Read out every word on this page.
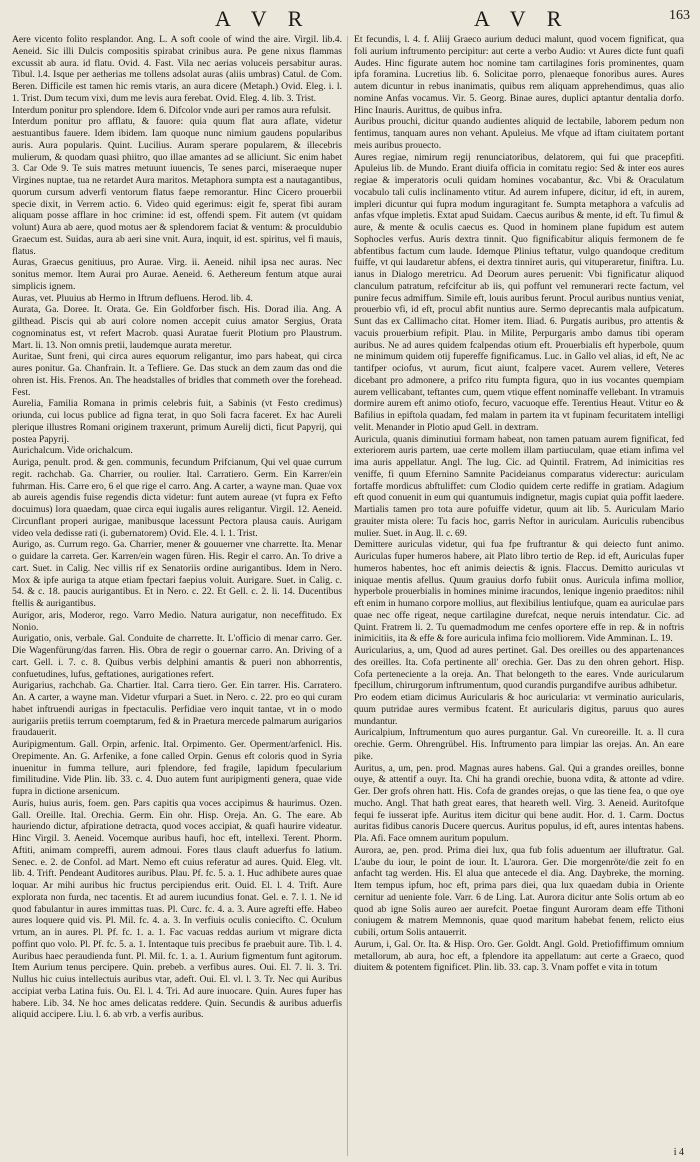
A V R	A V R	163

Aere vicento folito resplandor. Ang. L. A soft coole of wind the aire. Virgil. lib.4. Aeneid. Sic illi Dulcis compositis spirabat crinibus aura. Pe gene nixus flammas excussit ab aura. id flatu. Ovid. 4. Fast. Vila nec aerias voluceis persabitur auras. Tibul. l.4. Isque per aetherias me tollens adsolat auras (aliis umbras) Catul. de Com. Beren. Difficile est tamen hic remis vtaris, an aura dicere (Metaph.) Ovid. Eleg. i. l. 1. Trist. Dum tecum vixi, dum me levis aura ferebat. Ovid. Eleg. 4. lib. 3. Trist.

Interdum ponitur pro splendore. Idem 6. Difcolor vnde auri per ramos aura refulsit.

Interdum ponitur pro afflatu, & fauore: quia quum flat aura aflate, videtur aestuantibus fauere. Idem ibidem. Iam quoque nunc nimium gaudens popularibus auris. Aura popularis. Quint. Lucilius. Auram sperare popularem, & illecebris mulierum, & quodam quasi phiitro, quo illae amantes ad se alliciunt. Sic enim habet 3. Car Ode 9. Te suis matres metuunt iuuencis, Te senes parci, miseraeque nuper Virgines nuptae, tua ne retardet Aura maritos. Metaphora sumpta est a nautagantibus, quorum cursum adverfi ventorum flatus faepe remorantur. Hinc Cicero prouerbii specie dixit, in Verrem actio. 6. Video quid egerimus: eigit fe, sperat fibi auram aliquam posse afflare in hoc crimine: id est, offendi spem. Fit autem (vt quidam volunt) Aura ab aere, quod motus aer & splendorem faciat & ventum: & proculdubio Graecum est. Suidas, aura ab aeri sine vnit. Aura, inquit, id est. spiritus, vel fi mauis, flatus.

Auras, Graecus genitiuus, pro Aurae. Virg. ii. Aeneid. nihil ipsa nec auras. Nec sonitus memor. Item Aurai pro Aurae. Aeneid. 6. Aethereum fentum atque aurai simplicis ignem.

Auras, vet. Pluuius ab Hermo in Iftrum defluens. Herod. lib. 4.

Aurata, Ga. Doree. It. Orata. Ge. Ein Goldforber fisch. His. Dorad ilia. Ang. A gilthead. Piscis qui ab auri colore nomen accepit cuius amator Sergius, Orata cognominatus est, vt refert Macrob. quasi Auratae fuerit Plotium pro Plaustrum. Mart. li. 13. Non omnis pretii, laudemque aurata meretur.

Auritae, Sunt freni, qui circa aures equorum religantur, imo pars habeat, qui circa aures ponitur. Ga. Chanfrain. It. a Tefliere. Ge. Das stuck an dem zaum das ond die ohren ist. His. Frenos. An. The headstalles of bridles that commeth over the forehead. Fest.

Aurelia, Familia Romana in primis celebris fuit, a Sabinis (vt Festo credimus) oriunda, cui locus publice ad figna terat, in quo Soli facra faceret. Ex hac Aureli plerique illustres Romani originem traxerunt, primum Aurelij dicti, ficut Papyrij, qui postea Papyrij.

Aurichalcum. Vide orichalcum.

Auriga, penult. prod. & gen. communis, fecundum Prifcianum, Qui vel quae currum regit. rachchab. Ga. Charrier, ou roulier. Ital. Carratiero. Germ. Ein Karrer/ein fuhrman. His. Carre ero, 6 el que rige el carro. Ang. A carter, a wayne man. Quae vox ab aureis agendis fuise regendis dicta videtur: funt autem aureae (vt fupra ex Fefto docuimus) lora quaedam, quae circa equi iugalis aures religantur. Virgil. 12. Aeneid. Circunflant properi aurigae, manibusque lacessunt Pectora plausa cauis. Aurigam video vela dedisse rati (i. gubernatorem) Ovid. Ele. 4. l. 1. Trist.

Aurigo, as. Currum rego. Ga. Charrier, mener & gouuerner vne charrette. Ita. Menar o guidare la carreta. Ger. Karren/ein wagen füren. His. Regir el carro. An. To drive a cart. Suet. in Calig. Nec villis rif ex Senatoriis ordine aurigantibus. Idem in Nero. Mox & ipfe auriga ta atque etiam fpectari faepius voluit. Aurigare. Suet. in Calig. c. 54. & c. 18. paucis aurigantibus. Et in Nero. c. 22. Et Gell. c. 2. li. 14. Ducentibus ftellis & aurigantibus.

Aurigor, aris, Moderor, rego. Varro Medio. Natura aurigatur, non neceffitudo. Ex Nonio.

Aurigatio, onis, verbale. Gal. Conduite de charrette. It. L'officio di menar carro. Ger. Die Wagenfürung/das farren. His. Obra de regir o gouernar carro. An. Driving of a cart. Gell. i. 7. c. 8. Quibus verbis delphini amantis & pueri non abhorrentis, confuetudines, lufus, geftationes, aurigationes refert.

Aurigarius, rachchab. Ga. Chartier. Ital. Carra tiero. Ger. Ein tarrer. His. Carratero. An. A carter, a wayne man. Videtur vfurpari a Suet. in Nero. c. 22. pro eo qui curam habet inftruendi aurigas in fpectaculis. Perfidiae vero inquit tantae, vt in o modo aurigariis pretiis terrum coemptarum, fed & in Praetura mercede palmarum aurigarios fraudauerit.

Auripigmentum. Gall. Orpin, arfenic. Ital. Orpimento. Ger. Operment/arfenicl. His. Orepimente. An. G. Arfenike, a fone called Orpin. Genus eft coloris quod in Syria inuenitur in fumma tellure, auri fplendore, fed fragile, lapidum fpecularium fimilitudine. Vide Plin. lib. 33. c. 4. Duo autem funt auripigmenti genera, quae vide fupra in dictione arsenicum.

Auris, huius auris, foem. gen. Pars capitis qua voces accipimus & haurimus. Ozen. Gall. Oreille. Ital. Orechia. Germ. Ein ohr. Hisp. Oreja. An. G. The eare. Ab hauriendo dictur, afpiratione detracta, quod voces accipiat, & quafi haurire videatur. Hinc Virgil. 3. Aeneid. Vocemque auribus haufi, hoc eft, intellexi. Terent. Phorm. Aftiti, animam compreffi, aurem admoui. Fores tlaus clauft aduerfus fo latium. Senec. e. 2. de Confol. ad Mart. Nemo eft cuius referatur ad aures. Quid. Eleg. vlt. lib. 4. Trift. Pendeant Auditores auribus. Plau. Pf. fc. 5. a. 1. Huc adhibete aures quae loquar. Ar mihi auribus hic fructus percipiendus erit. Ouid. El. l. 4. Trift. Aure explorata non furda, nec tacentis. Et ad aurem iucundius fonat. Gel. e. 7. l. 1. Ne id quod fabulantur in aures immittas tuas. Pl. Curc. fc. 4. a. 3. Aure agrefti effe. Habeo aures loquere quid vis. Pl. Mil. fc. 4. a. 3. In verfiuis oculis coniecifto. C. Oculum vrtum, an in aures. Pl. Pf. fc. 1. a. 1. Fac vacuas reddas aurium vt migrare dicta poffint quo volo. Pl. Pf. fc. 5. a. 1. Intentaque tuis precibus fe praebuit aure. Tib. l. 4. Auribus haec peraudienda funt. Pl. Mil. fc. 1. a. 1. Aurium figmentum funt agitorum. Item Aurium tenus percipere. Quin. prebeb. a verfibus aures. Oui. El. 7. li. 3. Tri. Nullus hic cuius intellectuis auribus vtar, adeft. Oui. El. vl. l. 3. Tr. Nec qui Auribus accipiat verba Latina fuis. Ou. El. l. 4. Tri. Ad aure inuocare. Quin. Aures fuper has habere. Lib. 34. Ne hoc ames delicatas reddere. Quin. Secundis & auribus aduerfis aliquid accipere. Liu. l. 6. ab vrb. a verfis auribus.

Et fecundis, l. 4. f. Aliij Graeco aurium deduci malunt, quod vocem fignificat, qua foli aurium inftrumento percipitur: aut certe a verbo Audio: vt Aures dicte funt quafi Audes. Hinc figurate autem hoc nomine tam cartilagines foris prominentes, quam ipfa foramina. Lucretius lib. 6. Solicitae porro, plenaeque fonoribus aures. Aures autem dicuntur in rebus inanimatis, quibus rem aliquam apprehendimus, quas alio nomine Anfas vocamus. Vir. 5. Georg. Binae aures, duplici aptantur dentalia dorfo. Hinc Inauris. Aurittus, de quibus infra.

Auribus prouchi, dicitur quando audientes aliquid de lectabile, laborem pedum non fentimus, tanquam aures non vehant. Apuleius. Me vfque ad iftam ciuitatem portant meis auribus prouecto.

Aures regiae, nimirum regij renunciatoribus, delatorem, qui fui que pracepfiti. Apuleius lib. de Mundo. Erant diuifa officia in comitatu regio: Sed & inter eos aures regiae & imperatoris oculi quidam homines vocabantur, &c. Vbi & Oraculatum vocabulo tali culis inclinamento vtitur. Ad aurem infupere, dicitur, id eft, in aurem, impleri dicuntur qui fupra modum inguragitant fe. Sumpta metaphora a vafculis ad anfas vfque impletis. Extat apud Suidam. Caecus auribus & mente, id eft. Tu fimul & aure, & mente & oculis caecus es. Quod in hominem plane fupidum est autem Sophocles verfus. Auris dextra tinnit. Quo fignificabitur aliquis fermonem de fe abfentibus factum cum laude. Idemque Plinius teftatur, vulgo quandoque creditum fuiffe, vt qui laudaretur abfens, ei dextra tinniret auris, qui vituperaretur, finiftra. Lu. ianus in Dialogo meretricu. Ad Deorum aures peruenit: Vbi fignificatur aliquod clanculum patratum, refcifcitur ab iis, qui poffunt vel remunerari recte factum, vel punire fecus admiffum. Simile eft, louis auribus ferunt. Procul auribus nuntius veniat, prouerbio vfi, id eft, procul abfit nuntius aure. Sermo deprecantis mala aufpicatum. Sunt das ex Callimacho citat. Homer item. Iliad. 6. Purgatis auribus, pro attentis & vacuis prouerbium refipit. Plau. in Milite, Perpurgaris ambo damus tibi operam auribus. Ne ad aures quidem fcalpendas otium eft. Prouerbialis eft hyperbole, quum ne minimum quidem otij fupereffe fignificamus. Luc. in Gallo vel alias, id eft, Ne ac tantifper ociofus, vt aurum, ficut aiunt, fcalpere vacet. Aurem vellere, Veteres dicebant pro admonere, a prifco ritu fumpta figura, quo in ius vocantes quempiam aurem vellicabant, teftantes cum, quem vtique effent nominaffe vellebant. In vtramuis dormire aurem eft animo otiofo, fecuro, vacuoque effe. Terentius Heaut. Vtitur eo & Bafilius in epiftola quadam, fed malam in partem ita vt fupinam fecuritatem intelligi velit. Menander in Plotio apud Gell. in dextram.

Auricula, quanis diminutiui formam habeat, non tamen patuam aurem fignificat, fed exteriorem auris partem, uae certe mollem illam partiuculam, quae etiam infima vel ima auris appellatur. Angl. The lug. Cic. ad Quintil. Fratrem, Ad inimicitias res veniffe, fi quum Efernino Samnite Pacideianus comparatus viderectur: auriculam fortaffe mordicus abftuliffet: cum Clodio quidem certe rediffe in gratiam. Adagium eft quod conuenit in eum qui quantumuis indignetur, magis cupiat quia poffit laedere. Martialis tamen pro tota aure pofuiffe videtur, quum ait lib. 5. Auriculam Mario grauiter mista olere: Tu facis hoc, garris Neftor in auriculam. Auriculis rubencibus mulier. Suet. in Aug. ll. c. 69.

Demittere auriculas videtur, qui fua fpe fruftrantur & qui deiecto funt animo. Auriculas fuper humeros habere, ait Plato libro tertio de Rep. id eft, Auriculas fuper humeros habentes, hoc eft animis deiectis & ignis. Flaccus. Demitto auriculas vt iniquae mentis afellus. Quum grauius dorfo fubiit onus. Auricula infima mollior, hyperbole prouerbialis in homines minime iracundos, lenique ingenio praeditos: nihil eft enim in humano corpore mollius, aut flexibilius lentiufque, quam ea auriculae pars quae nec offe rigeat, neque cartilagine durefcat, neque neruis intendatur. Cic. ad Quint. Fratrem li. 2. Tu quemadmodum me cenfes oportere effe in rep. & in noftris inimicitiis, ita & effe & fore auricula infima fcio molliorem. Vide Amminan. L. 19.

Auricularius, a, um, Quod ad aures pertinet. Gal. Des oreilles ou des appartenances des oreilles. Ita. Cofa pertinente all' orechia. Ger. Das zu den ohren gehort. Hisp. Cofa perteneciente a la oreja. An. That belongeth to the eares. Vnde auricularum fpecillum, chirurgorum inftrumentum, quod curandis purgandifve auribus adhibetur.

Pro eodem etiam dicimus Auricularis & hoc auricularia: vt verminatio auricularis, quum putridae aures vermibus fcatent. Et auricularis digitus, paruus quo aures mundantur.

Auricalpium, Inftrumentum quo aures purgantur. Gal. Vn cureoreille. It. a. Il cura orechie. Germ. Ohrengrübel. His. Inftrumento para limpiar las orejas. An. An eare pike.

Auritus, a, um, pen. prod. Magnas aures habens. Gal. Qui a grandes oreilles, bonne ouye, & attentif a ouyr. Ita. Chi ha grandi orechie, buona vdita, & attonte ad vdire. Ger. Der grofs ohren hatt. His. Cofa de grandes orejas, o que las tiene fea, o que oye mucho. Angl. That hath great eares, that heareth well. Virg. 3. Aeneid. Auritofque fequi fe iusserat ipfe. Auritus item dicitur qui bene audit. Hor. d. 1. Carm. Doctus auritas fidibus canoris Ducere quercus. Auritus populus, id eft, aures intentas habens. Pla. Afi. Face omnem auritum populum.

Aurora, ae, pen. prod. Prima diei lux, qua fub folis aduentum aer illuftratur. Gal. L'aube du iour, le point de iour. It. L'aurora. Ger. Die morgenröte/die zeit fo en anfacht tag werden. His. El alua que antecede el dia. Ang. Daybreke, the morning. Item tempus ipfum, hoc eft, prima pars diei, qua lux quaedam dubia in Oriente cernitur ad ueniente fole. Varr. 6 de Ling. Lat. Aurora dicitur ante Solis ortum ab eo quod ab igne Solis aureo aer aurefcit. Poetae fingunt Auroram deam effe Tithoni coniugem & matrem Memnonis, quae quod maritum habebat fenem, relicto eius cubili, ortum Solis antauerrit.

Aurum, i, Gal. Or. Ita. & Hisp. Oro. Ger. Goldt. Angl. Gold. Pretiofiffimum omnium metallorum, ab aura, hoc eft, a fplendore ita appellatum: aut certe a Graeco, quod diuitem & potentem fignificet. Plin. lib. 33. cap. 3. Vnam poffet e vita in totum

i 4
